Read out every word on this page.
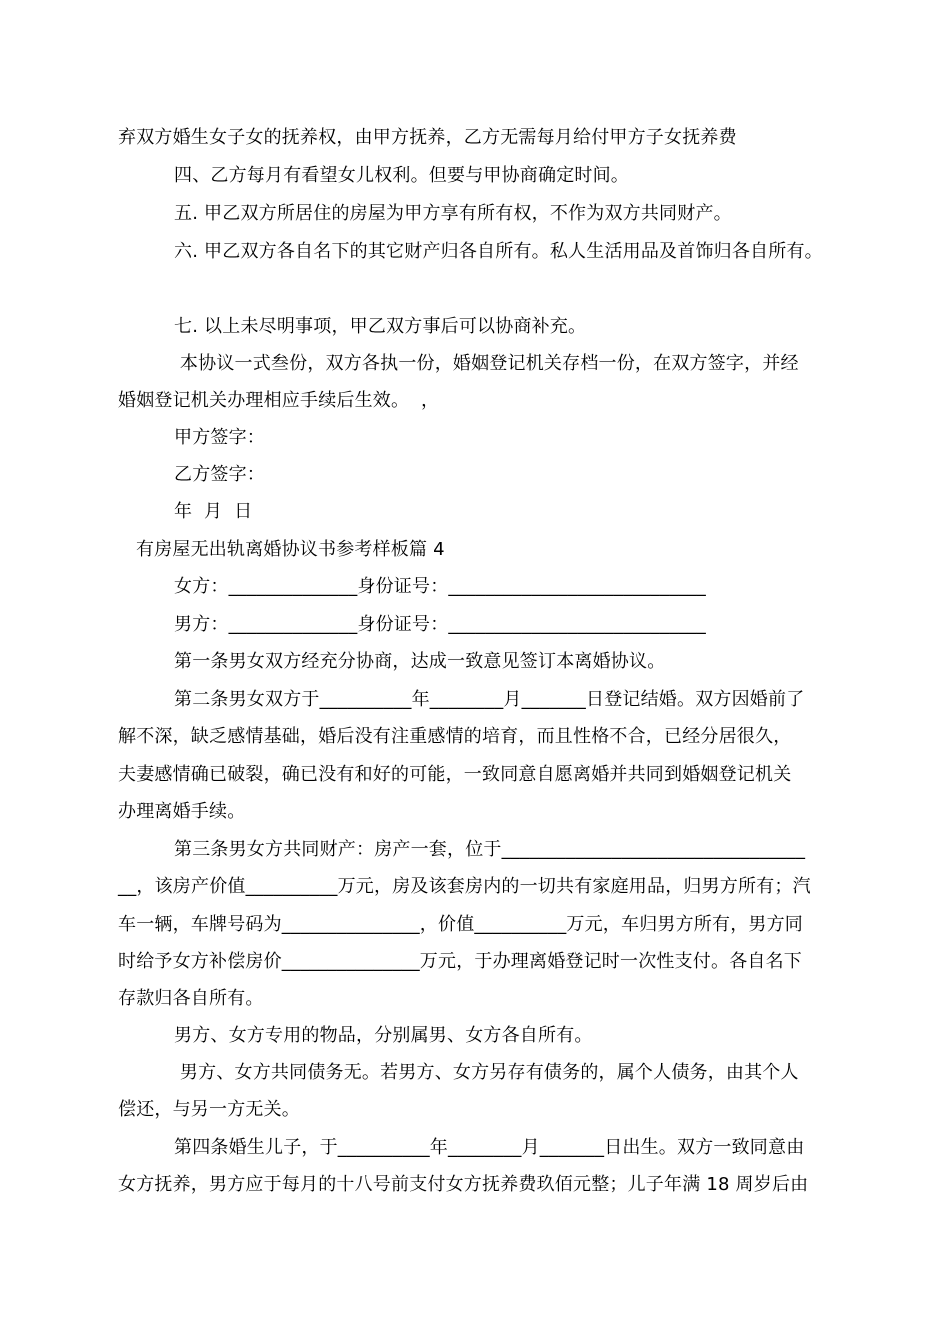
弃双方婚生女子女的抚养权，由甲方抚养，乙方无需每月给付甲方子女抚养费
四、乙方每月有看望女儿权利。但要与甲协商确定时间。
五. 甲乙双方所居住的房屋为甲方享有所有权，不作为双方共同财产。
六. 甲乙双方各自名下的其它财产归各自所有。私人生活用品及首饰归各自所有。
七. 以上未尽明事项，甲乙双方事后可以协商补充。
本协议一式叁份，双方各执一份，婚姻登记机关存档一份，在双方签字，并经
婚姻登记机关办理相应手续后生效。  ，
甲方签字：
乙方签字：
年  月  日
有房屋无出轨离婚协议书参考样板篇 4
女方：______________身份证号：____________________________
男方：______________身份证号：____________________________
第一条男女双方经充分协商，达成一致意见签订本离婚协议。
第二条男女双方于__________年________月_______日登记结婚。双方因婚前了
解不深，缺乏感情基础，婚后没有注重感情的培育，而且性格不合，已经分居很久，
夫妻感情确已破裂，确已没有和好的可能，一致同意自愿离婚并共同到婚姻登记机关
办理离婚手续。
第三条男女方共同财产：房产一套，位于_________________________________
__，该房产价值__________万元，房及该套房内的一切共有家庭用品，归男方所有；汽
车一辆，车牌号码为_______________，价值__________万元，车归男方所有，男方同
时给予女方补偿房价_______________万元，于办理离婚登记时一次性支付。各自名下
存款归各自所有。
男方、女方专用的物品，分别属男、女方各自所有。
男方、女方共同债务无。若男方、女方另存有债务的，属个人债务，由其个人
偿还，与另一方无关。
第四条婚生儿子，于__________年________月_______日出生。双方一致同意由
女方抚养，男方应于每月的十八号前支付女方抚养费玖佰元整；儿子年满 18 周岁后由
